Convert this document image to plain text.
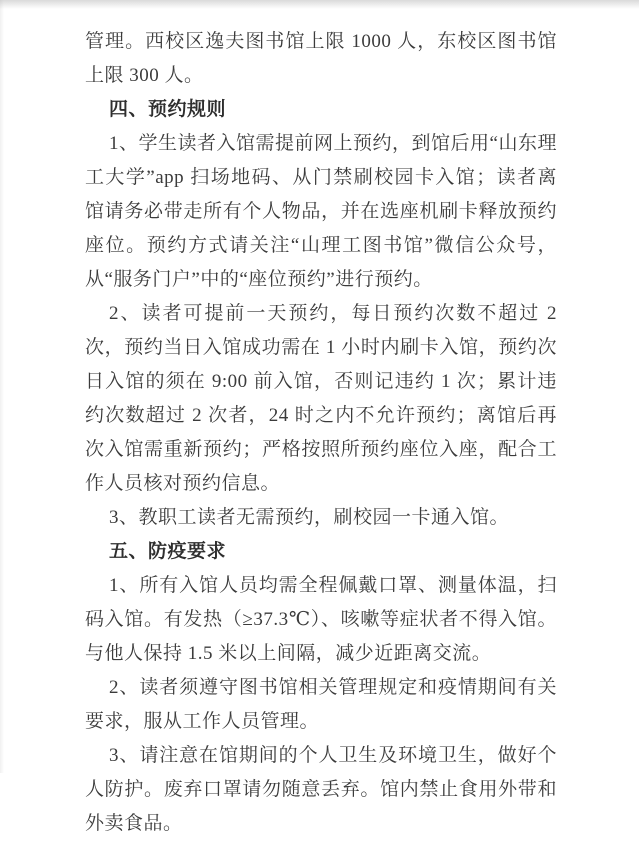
管理。西校区逸夫图书馆上限 1000 人，东校区图书馆上限 300 人。

四、预约规则

1、学生读者入馆需提前网上预约，到馆后用“山东理工大学”app 扫场地码、从门禁刷校园卡入馆；读者离馆请务必带走所有个人物品，并在选座机刷卡释放预约座位。预约方式请关注“山理工图书馆”微信公众号，从“服务门户”中的“座位预约”进行预约。

2、读者可提前一天预约，每日预约次数不超过 2 次，预约当日入馆成功需在 1 小时内刷卡入馆，预约次日入馆的须在 9:00 前入馆，否则记违约 1 次；累计违约次数超过 2 次者，24 时之内不允许预约；离馆后再次入馆需重新预约；严格按照所预约座位入座，配合工作人员核对预约信息。

3、教职工读者无需预约，刷校园一卡通入馆。

五、防疫要求

1、所有入馆人员均需全程佩戴口罩、测量体温，扫码入馆。有发热（≥37.3℃）、咳嗽等症状者不得入馆。与他人保持 1.5 米以上间隔，减少近距离交流。

2、读者须遵守图书馆相关管理规定和疫情期间有关要求，服从工作人员管理。

3、请注意在馆期间的个人卫生及环境卫生，做好个人防护。废弃口罩请勿随意丢弃。馆内禁止食用外带和外卖食品。
